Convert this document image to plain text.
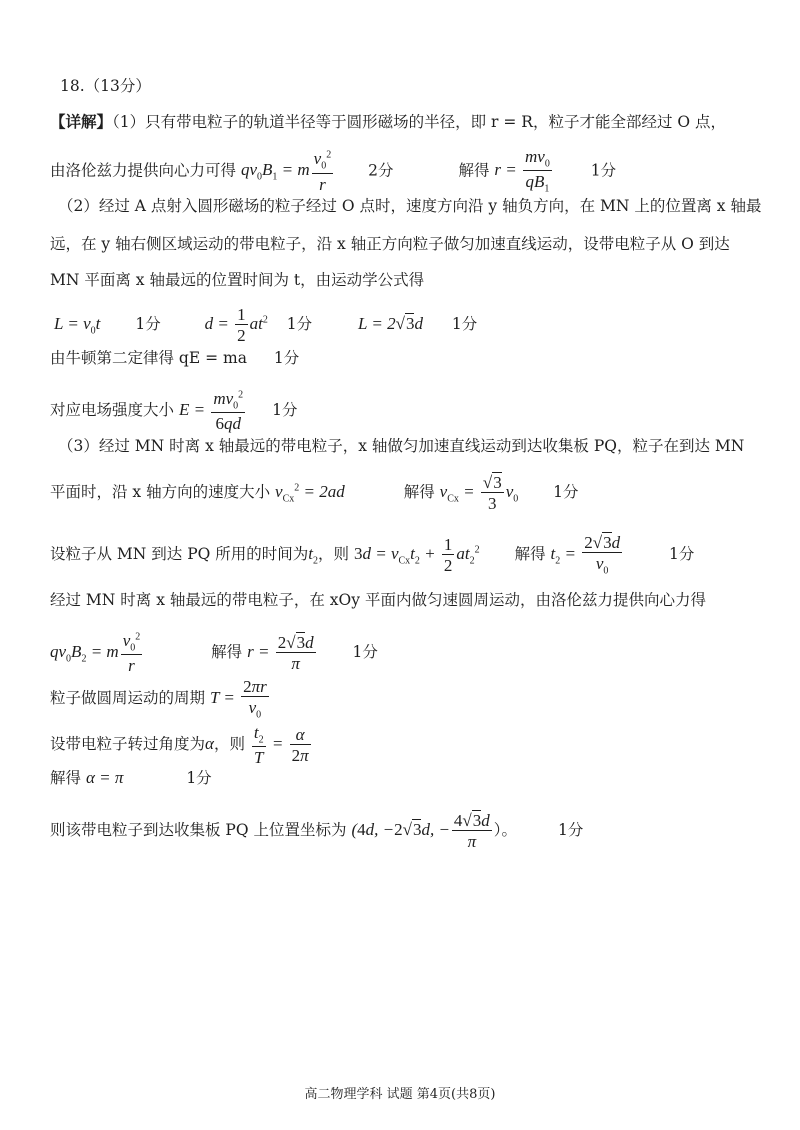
18.（13分）
【详解】（1）只有带电粒子的轨道半径等于圆形磁场的半径，即 r = R，粒子才能全部经过 O 点，
由洛伦兹力提供向心力可得 $qv_0B_1 = m \frac{v_0^2}{r} 2$分	解得 $r = \frac{mv_0}{qB_1}$	1分
（2）经过 A 点射入圆形磁场的粒子经过 O 点时，速度方向沿 y 轴负方向，在 MN 上的位置离 x 轴最
远，在 y 轴右侧区域运动的带电粒子，沿 x 轴正方向粒子做匀加速直线运动，设带电粒子从 O 到达
MN 平面离 x 轴最远的位置时间为 t，由运动学公式得
$L = v_0t$ 1分	$d = \frac{1}{2} at^2$ 1分	L = 2√3d 1分
由牛顿第二定律得 qE = ma 1分
对应电场强度大小 $E = \frac{mv_0^2}{6qd} 1$分
（3）经过 MN 时离 x 轴最远的带电粒子，x 轴做匀加速直线运动到达收集板 PQ，粒子在到达 MN
平面时，沿 x 轴方向的速度大小 $v_{Cx}^2 = 2ad$	解得 $v_{Cx} = \frac{√3}{3} v_0$ 1分
设粒子从 MN 到达 PQ 所用的时间为$t_2$，则 $3d = v_{Cx}t_2 + \frac{1}{2} at_2^2$ 解得 $t_2 = \frac{2√3d}{v_0}$	1分
经过 MN 时离 x 轴最远的带电粒子，在 xOy 平面内做匀速圆周运动，由洛伦兹力提供向心力得
$qv_0B_2 = m \frac{v_0^2}{r}$	解得 $r = \frac{2√3d}{\pi} 1$分
粒子做圆周运动的周期 $T = \frac{2\pi r}{v_0}$
设带电粒子转过角度为α，则 $\frac{t_2}{T} = \frac{\alpha}{2\pi}$
解得 α = π	1分
则该带电粒子到达收集板 PQ 上位置坐标为 (4d, −2√3d, − $\frac{4√3d}{\pi}$ ）。	1分
高二物理学科 试题 第4页(共8页)
